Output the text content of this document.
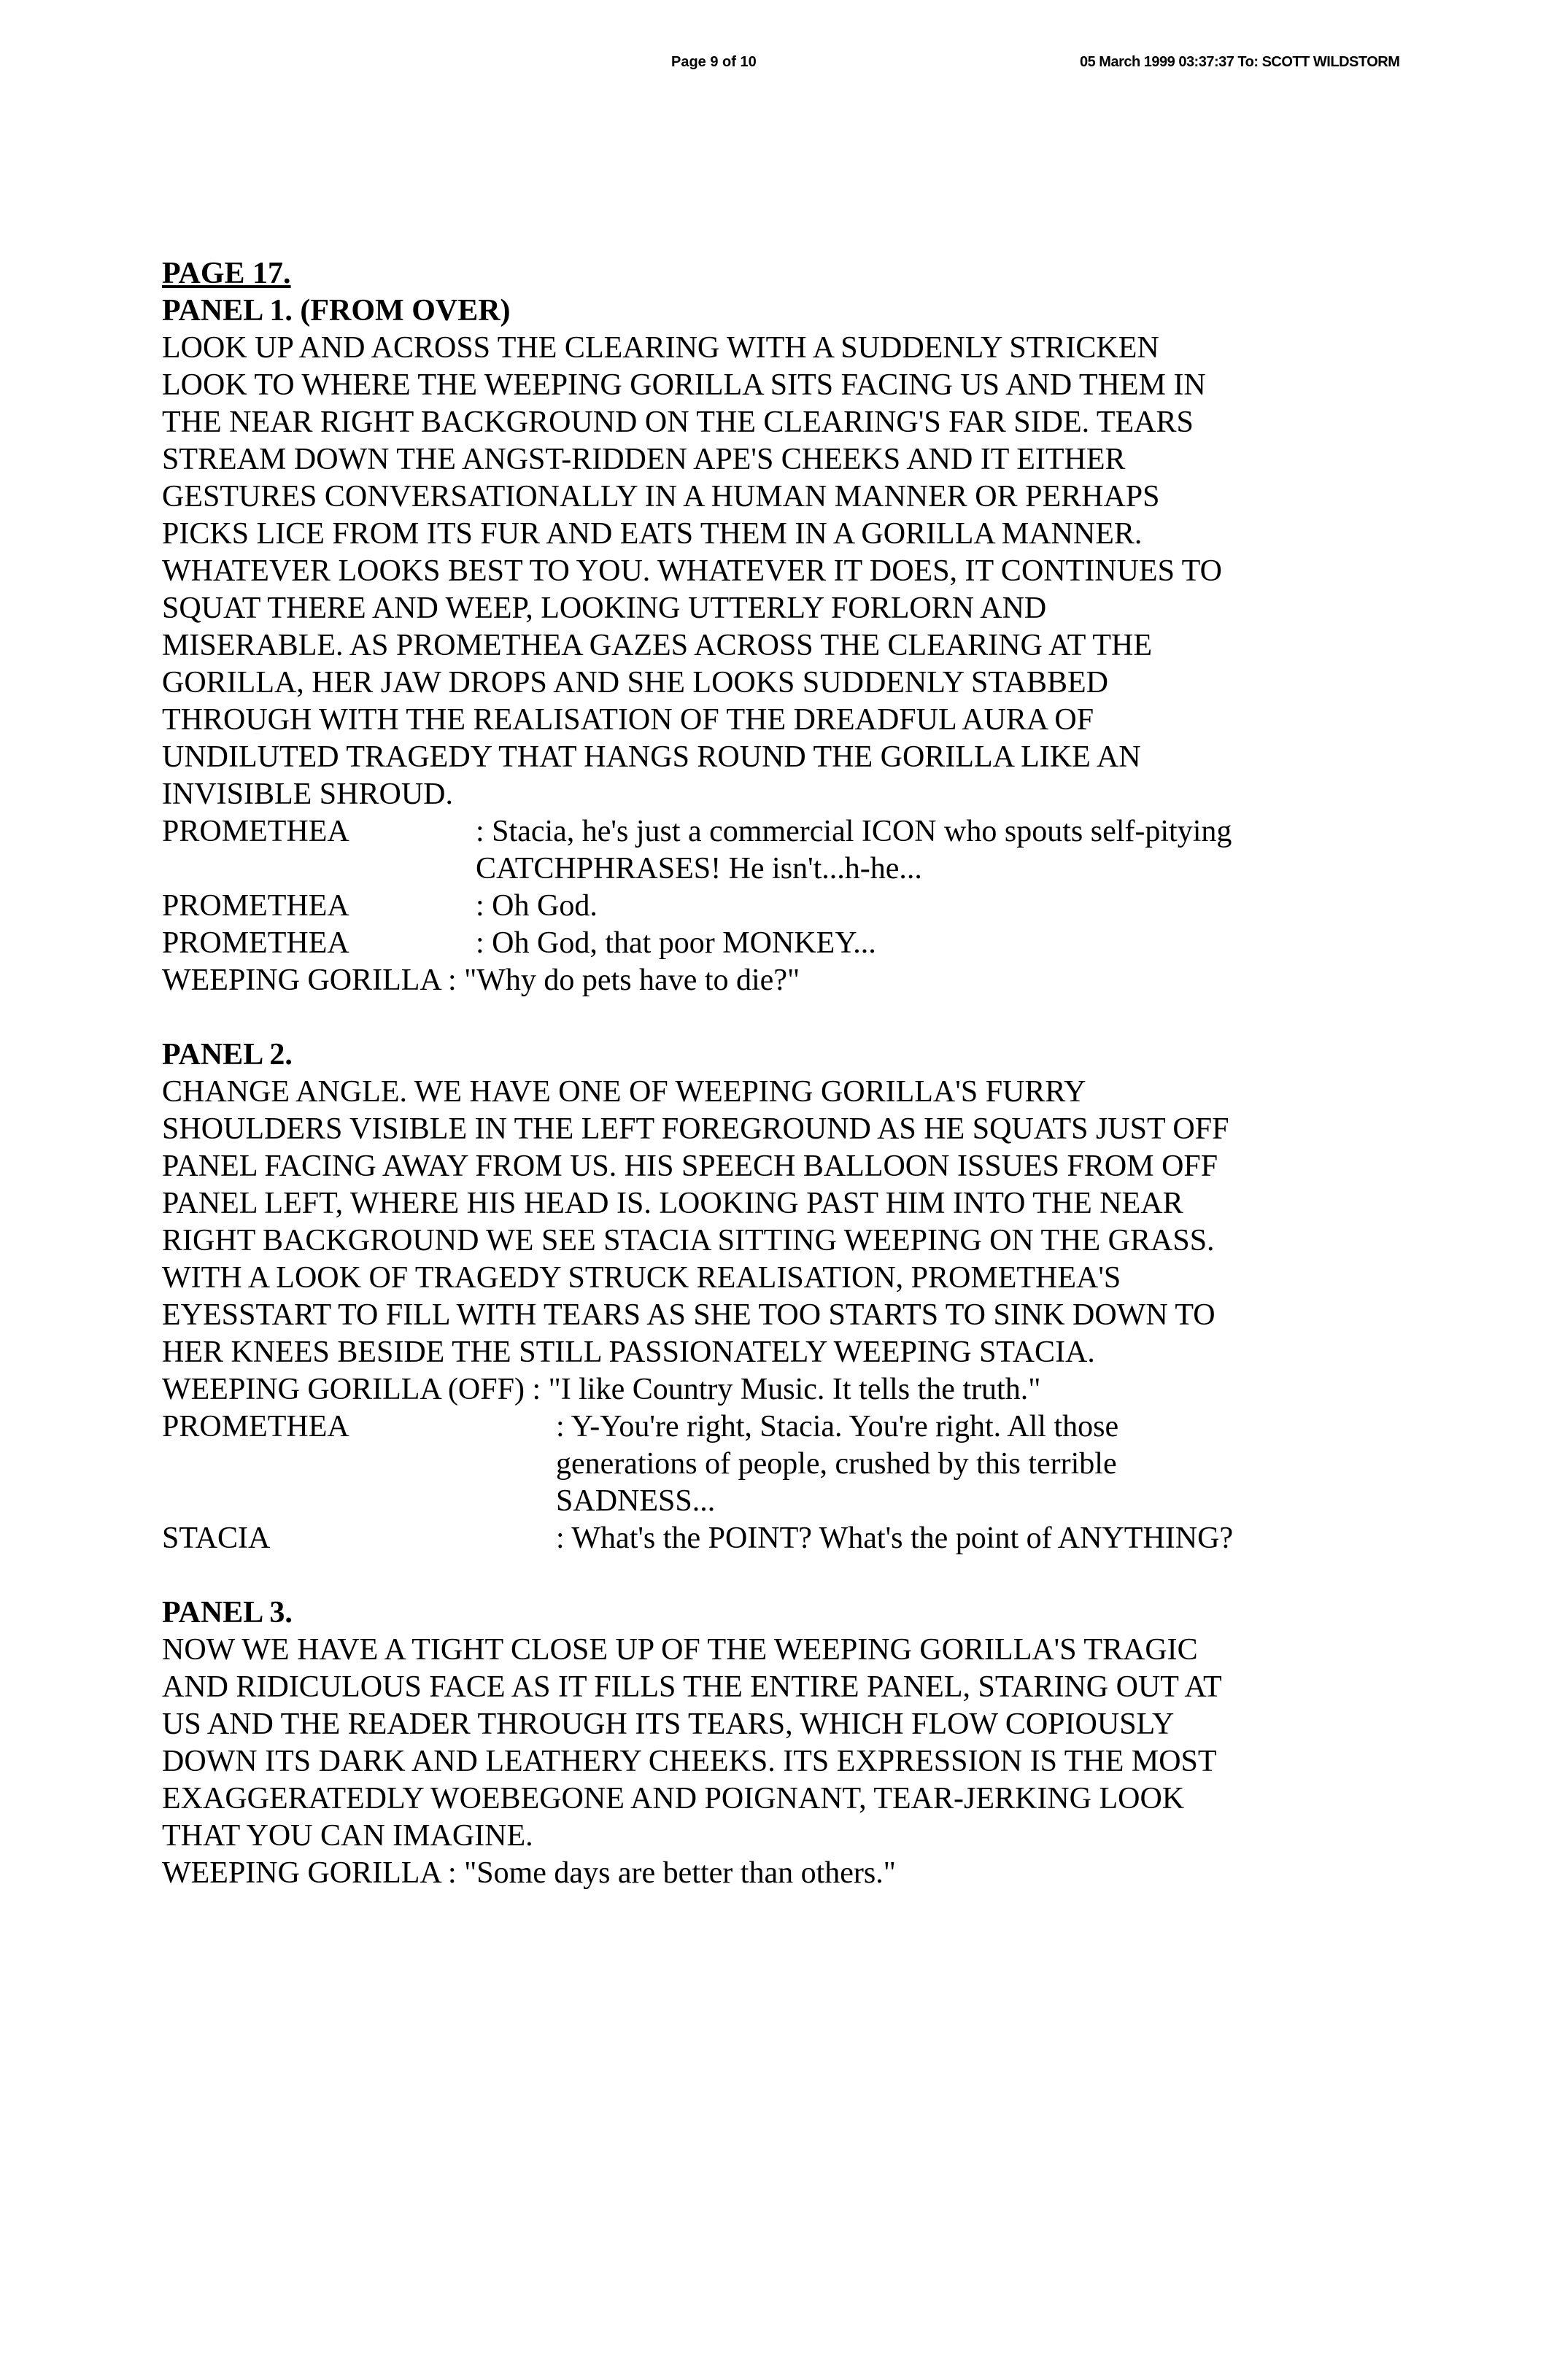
Page 9 of 10	05 March 1999 03:37:37 To: SCOTT WILDSTORM

PAGE 17.

PANEL 1. (FROM OVER)

LOOK UP AND ACROSS THE CLEARING WITH A SUDDENLY STRICKEN
LOOK TO WHERE THE WEEPING GORILLA SITS FACING US AND THEM IN
THE NEAR RIGHT BACKGROUND ON THE CLEARING'S FAR SIDE. TEARS
STREAM DOWN THE ANGST-RIDDEN APE'S CHEEKS AND IT EITHER
GESTURES CONVERSATIONALLY IN A HUMAN MANNER OR PERHAPS
PICKS LICE FROM ITS FUR AND EATS THEM IN A GORILLA MANNER.
WHATEVER LOOKS BEST TO YOU. WHATEVER IT DOES, IT CONTINUES TO
SQUAT THERE AND WEEP, LOOKING UTTERLY FORLORN AND
MISERABLE. AS PROMETHEA GAZES ACROSS THE CLEARING AT THE
GORILLA, HER JAW DROPS AND SHE LOOKS SUDDENLY STABBED
THROUGH WITH THE REALISATION OF THE DREADFUL AURA OF
UNDILUTED TRAGEDY THAT HANGS ROUND THE GORILLA LIKE AN
INVISIBLE SHROUD.

PROMETHEA	: Stacia, he's just a commercial ICON who spouts self-pitying
CATCHPHRASES! He isn't...h-he...
PROMETHEA	: Oh God.
PROMETHEA	: Oh God, that poor MONKEY...

WEEPING GORILLA : "Why do pets have to die?"

PANEL 2.

CHANGE ANGLE. WE HAVE ONE OF WEEPING GORILLA'S FURRY
SHOULDERS VISIBLE IN THE LEFT FOREGROUND AS HE SQUATS JUST OFF
PANEL FACING AWAY FROM US. HIS SPEECH BALLOON ISSUES FROM OFF
PANEL LEFT, WHERE HIS HEAD IS. LOOKING PAST HIM INTO THE NEAR
RIGHT BACKGROUND WE SEE STACIA SITTING WEEPING ON THE GRASS.
WITH A LOOK OF TRAGEDY STRUCK REALISATION, PROMETHEA'S
EYESSTART TO FILL WITH TEARS AS SHE TOO STARTS TO SINK DOWN TO
HER KNEES BESIDE THE STILL PASSIONATELY WEEPING STACIA.

WEEPING GORILLA (OFF) : "I like Country Music. It tells the truth."

PROMETHEA	: Y-You're right, Stacia. You're right. All those
generations of people, crushed by this terrible
SADNESS...
STACIA	: What's the POINT? What's the point of ANYTHING?

PANEL 3.

NOW WE HAVE A TIGHT CLOSE UP OF THE WEEPING GORILLA'S TRAGIC
AND RIDICULOUS FACE AS IT FILLS THE ENTIRE PANEL, STARING OUT AT
US AND THE READER THROUGH ITS TEARS, WHICH FLOW COPIOUSLY
DOWN ITS DARK AND LEATHERY CHEEKS. ITS EXPRESSION IS THE MOST
EXAGGERATEDLY WOEBEGONE AND POIGNANT, TEAR-JERKING LOOK
THAT YOU CAN IMAGINE.

WEEPING GORILLA : "Some days are better than others."
